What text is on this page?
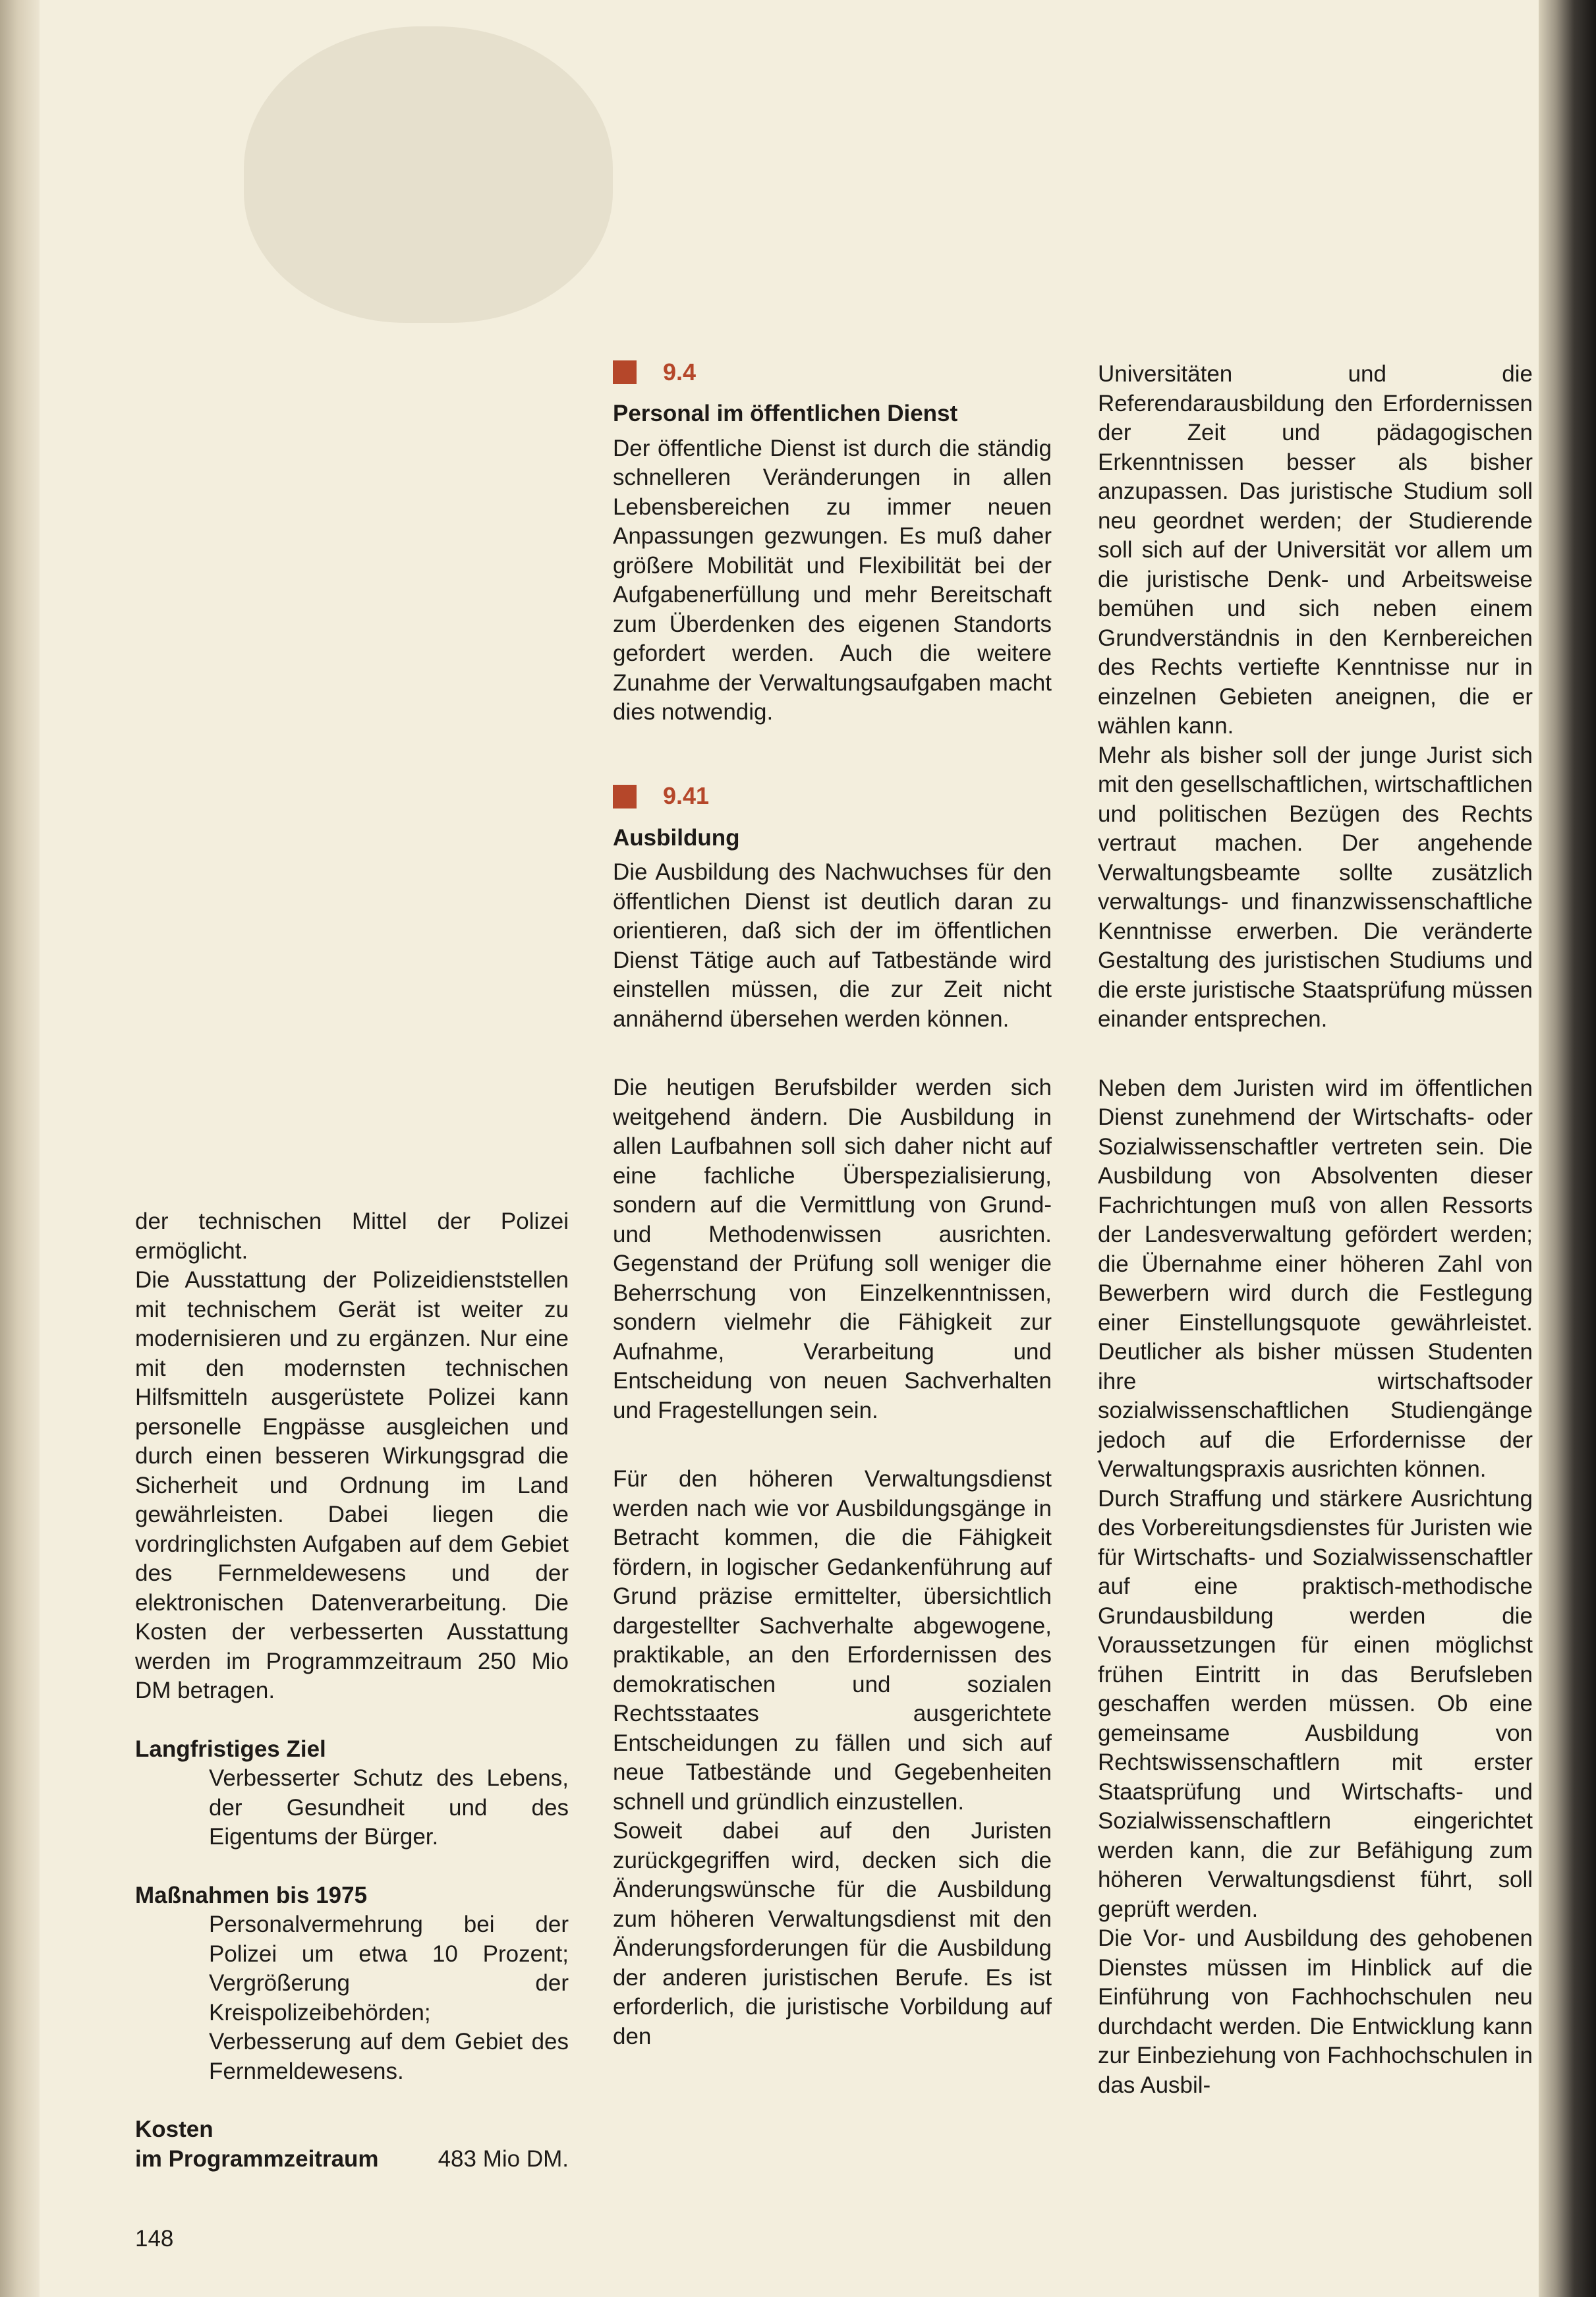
der technischen Mittel der Polizei ermöglicht.

Die Ausstattung der Polizeidienststellen mit technischem Gerät ist weiter zu modernisieren und zu ergänzen. Nur eine mit den modernsten technischen Hilfsmitteln ausgerüstete Polizei kann personelle Engpässe ausgleichen und durch einen besseren Wirkungsgrad die Sicherheit und Ordnung im Land gewährleisten. Dabei liegen die vordringlichsten Aufgaben auf dem Gebiet des Fernmeldewesens und der elektronischen Datenverarbeitung. Die Kosten der verbesserten Ausstattung werden im Programmzeitraum 250 Mio DM betragen.

Langfristiges Ziel

Verbesserter Schutz des Lebens, der Gesundheit und des Eigentums der Bürger.

Maßnahmen bis 1975

Personalvermehrung bei der Polizei um etwa 10 Prozent; Vergrößerung der Kreispolizeibehörden; Verbesserung auf dem Gebiet des Fernmeldewesens.

Kosten
im Programmzeitraum	483 Mio DM.
9.4
Personal im öffentlichen Dienst

Der öffentliche Dienst ist durch die ständig schnelleren Veränderungen in allen Lebensbereichen zu immer neuen Anpassungen gezwungen. Es muß daher größere Mobilität und Flexibilität bei der Aufgabenerfüllung und mehr Bereitschaft zum Überdenken des eigenen Standorts gefordert werden. Auch die weitere Zunahme der Verwaltungsaufgaben macht dies notwendig.

9.41
Ausbildung

Die Ausbildung des Nachwuchses für den öffentlichen Dienst ist deutlich daran zu orientieren, daß sich der im öffentlichen Dienst Tätige auch auf Tatbestände wird einstellen müssen, die zur Zeit nicht annähernd übersehen werden können.

Die heutigen Berufsbilder werden sich weitgehend ändern. Die Ausbildung in allen Laufbahnen soll sich daher nicht auf eine fachliche Überspezialisierung, sondern auf die Vermittlung von Grund- und Methodenwissen ausrichten. Gegenstand der Prüfung soll weniger die Beherrschung von Einzelkenntnissen, sondern vielmehr die Fähigkeit zur Aufnahme, Verarbeitung und Entscheidung von neuen Sachverhalten und Fragestellungen sein.

Für den höheren Verwaltungsdienst werden nach wie vor Ausbildungsgänge in Betracht kommen, die die Fähigkeit fördern, in logischer Gedankenführung auf Grund präzise ermittelter, übersichtlich dargestellter Sachverhalte abgewogene, praktikable, an den Erfordernissen des demokratischen und sozialen Rechtsstaates ausgerichtete Entscheidungen zu fällen und sich auf neue Tatbestände und Gegebenheiten schnell und gründlich einzustellen.

Soweit dabei auf den Juristen zurückgegriffen wird, decken sich die Änderungswünsche für die Ausbildung zum höheren Verwaltungsdienst mit den Änderungsforderungen für die Ausbildung der anderen juristischen Berufe. Es ist erforderlich, die juristische Vorbildung auf den

Universitäten und die Referendarausbildung den Erfordernissen der Zeit und pädagogischen Erkenntnissen besser als bisher anzupassen. Das juristische Studium soll neu geordnet werden; der Studierende soll sich auf der Universität vor allem um die juristische Denk- und Arbeitsweise bemühen und sich neben einem Grundverständnis in den Kernbereichen des Rechts vertiefte Kenntnisse nur in einzelnen Gebieten aneignen, die er wählen kann.

Mehr als bisher soll der junge Jurist sich mit den gesellschaftlichen, wirtschaftlichen und politischen Bezügen des Rechts vertraut machen. Der angehende Verwaltungsbeamte sollte zusätzlich verwaltungs- und finanzwissenschaftliche Kenntnisse erwerben. Die veränderte Gestaltung des juristischen Studiums und die erste juristische Staatsprüfung müssen einander entsprechen.

Neben dem Juristen wird im öffentlichen Dienst zunehmend der Wirtschafts- oder Sozialwissenschaftler vertreten sein. Die Ausbildung von Absolventen dieser Fachrichtungen muß von allen Ressorts der Landesverwaltung gefördert werden; die Übernahme einer höheren Zahl von Bewerbern wird durch die Festlegung einer Einstellungsquote gewährleistet. Deutlicher als bisher müssen Studenten ihre wirtschaftsoder sozialwissenschaftlichen Studiengänge jedoch auf die Erfordernisse der Verwaltungspraxis ausrichten können.

Durch Straffung und stärkere Ausrichtung des Vorbereitungsdienstes für Juristen wie für Wirtschafts- und Sozialwissenschaftler auf eine praktisch-methodische Grundausbildung werden die Voraussetzungen für einen möglichst frühen Eintritt in das Berufsleben geschaffen werden müssen. Ob eine gemeinsame Ausbildung von Rechtswissenschaftlern mit erster Staatsprüfung und Wirtschafts- und Sozialwissenschaftlern eingerichtet werden kann, die zur Befähigung zum höheren Verwaltungsdienst führt, soll geprüft werden.

Die Vor- und Ausbildung des gehobenen Dienstes müssen im Hinblick auf die Einführung von Fachhochschulen neu durchdacht werden. Die Entwicklung kann zur Einbeziehung von Fachhochschulen in das Ausbil-

148
